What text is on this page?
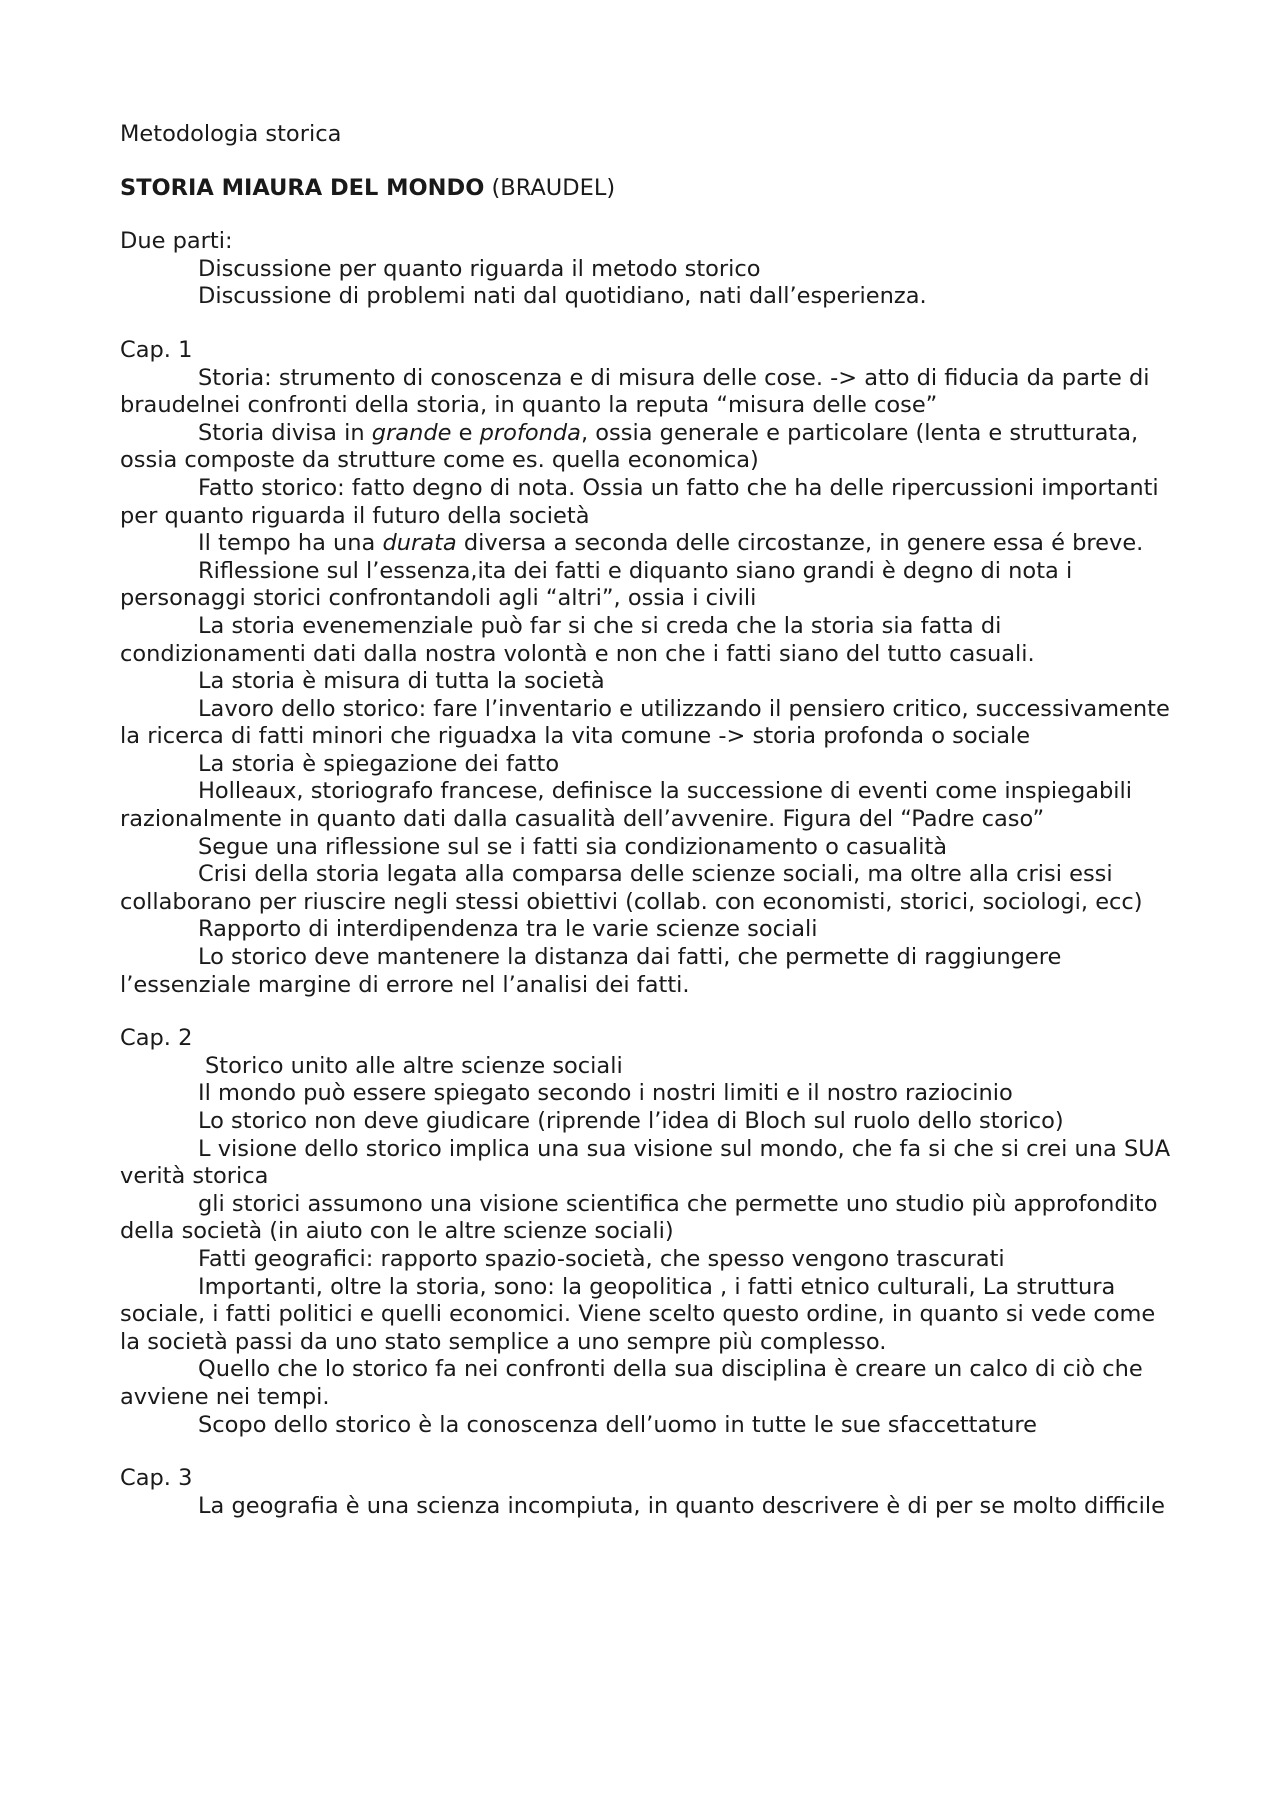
Metodologia storica

STORIA MIAURA DEL MONDO (BRAUDEL)

Due parti:

Discussione per quanto riguarda il metodo storico

Discussione di problemi nati dal quotidiano, nati dall’esperienza.

Cap. 1

Storia: strumento di conoscenza e di misura delle cose. -> atto di fiducia da parte di braudelnei confronti della storia, in quanto la reputa “misura delle cose”

Storia divisa in grande e profonda, ossia generale e particolare (lenta e strutturata, ossia composte da strutture come es. quella economica)

Fatto storico: fatto degno di nota. Ossia un fatto che ha delle ripercussioni importanti per quanto riguarda il futuro della società

Il tempo ha una durata diversa a seconda delle circostanze, in genere essa é breve.

Riflessione sul l’essenza,ita dei fatti e diquanto siano grandi è degno di nota i personaggi storici confrontandoli agli “altri”, ossia i civili

La storia evenemenziale può far si che si creda che la storia sia fatta di condizionamenti dati dalla nostra volontà e non che i fatti siano del tutto casuali.

La storia è misura di tutta la società

Lavoro dello storico: fare l’inventario e utilizzando il pensiero critico, successivamente la ricerca di fatti minori che riguadxa la vita comune -> storia profonda o sociale

La storia è spiegazione dei fatto

Holleaux, storiografo francese, definisce la successione di eventi come inspiegabili razionalmente in quanto dati dalla casualità dell’avvenire. Figura del “Padre caso”

Segue una riflessione sul se i fatti sia condizionamento o casualità

Crisi della storia legata alla comparsa delle scienze sociali, ma oltre alla crisi essi collaborano per riuscire negli stessi obiettivi (collab. con economisti, storici, sociologi, ecc)

Rapporto di interdipendenza tra le varie scienze sociali

Lo storico deve mantenere la distanza dai fatti, che permette di raggiungere l’essenziale margine di errore nel l’analisi dei fatti.

Cap. 2

Storico unito alle altre scienze sociali

Il mondo può essere spiegato secondo i nostri limiti e il nostro raziocinio

Lo storico non deve giudicare (riprende l’idea di Bloch sul ruolo dello storico)

L visione dello storico implica una sua visione sul mondo, che fa si che si crei una SUA verità storica

gli storici assumono una visione scientifica che permette uno studio più approfondito della società (in aiuto con le altre scienze sociali)

Fatti geografici: rapporto spazio-società, che spesso vengono trascurati

Importanti, oltre la storia, sono: la geopolitica , i fatti etnico culturali, La struttura sociale, i fatti politici e quelli economici. Viene scelto questo ordine, in quanto si vede come la società passi da uno stato semplice a uno sempre più complesso.

Quello che lo storico fa nei confronti della sua disciplina è creare un calco di ciò che avviene nei tempi.

Scopo dello storico è la conoscenza dell’uomo in tutte le sue sfaccettature

Cap. 3

La geografia è una scienza incompiuta, in quanto descrivere è di per se molto difficile
